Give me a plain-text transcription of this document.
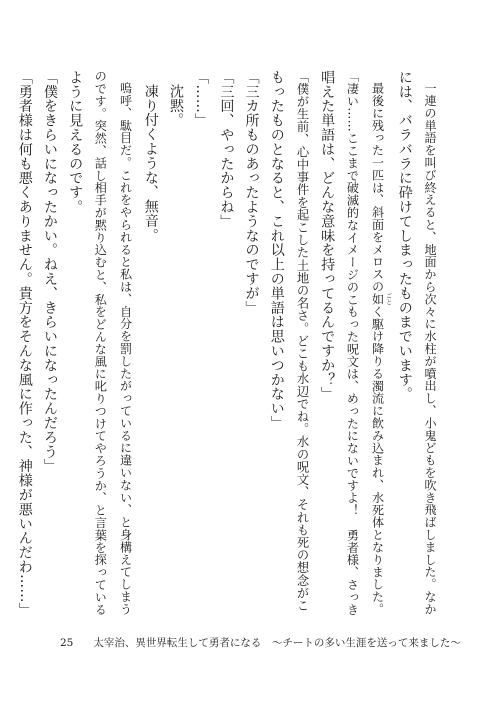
一連の単語を叫び終えると、地面から次々に水柱が噴出し、小鬼どもを吹き飛ばしました。なか

には、バラバラに砕けてしまったものまでいます。

最後に残った一匹は、斜面をメロスの如 ごとく駆け降りる濁流に飲み込まれ、水死体となりました。

「凄い……ここまで破滅的なイメージのこもった呪文は、めったにないですよ！　勇者様、さっき

唱えた単語は、どんな意味を持ってるんですか？」

「僕が生前、心中事件を起こした土地の名さ。どこも水辺でね。水の呪文、それも死の想念がこ

もったものとなると、これ以上の単語は思いつかない」

「三カ所ものあったようなのですが」

「三回、やったからね」

「……」

沈黙。

凍り付くような、無音。

嗚呼、駄目だ。これをやられると私は、自分を罰したがっているに違いない、と身構えてしまう

のです。突然、話し相手が黙り込むと、私をどんな風に叱りつけてやろうか、と言葉を探っている

ように見えるのです。

「僕をきらいになったかい。ねえ、きらいになったんだろう」

「勇者様は何も悪くありません。貴方をそんな風に作った、神様が悪いんだわ……」

25 太宰治、異世界転生して勇者になる　～チートの多い生涯を送って来ました～
